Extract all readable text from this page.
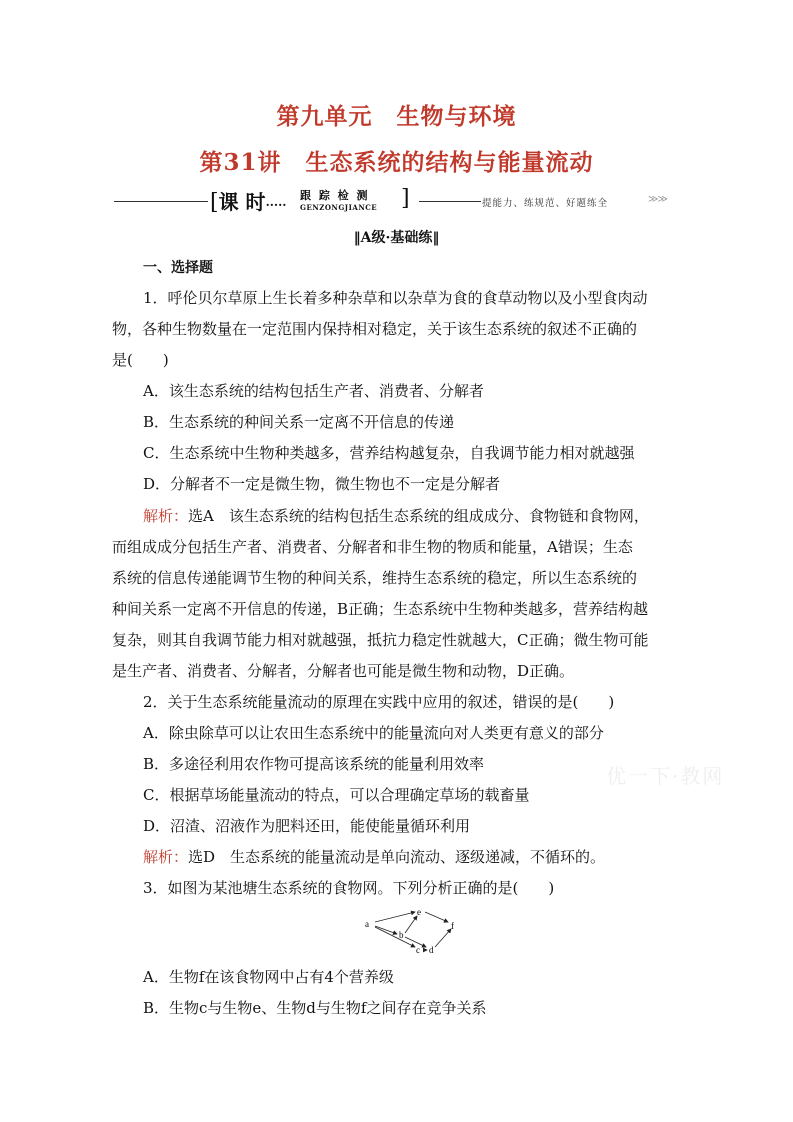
第九单元　生物与环境
第31讲　生态系统的结构与能量流动
[课 时·····
跟 踪 检 测
GENZONGJIANCE ]	提能力、练规范、好题练全	≫≫
‖A级·基础练‖
一、选择题
1．呼伦贝尔草原上生长着多种杂草和以杂草为食的食草动物以及小型食肉动
物，各种生物数量在一定范围内保持相对稳定，关于该生态系统的叙述不正确的
是(　　)
A．该生态系统的结构包括生产者、消费者、分解者
B．生态系统的种间关系一定离不开信息的传递
C．生态系统中生物种类越多，营养结构越复杂，自我调节能力相对就越强
D．分解者不一定是微生物，微生物也不一定是分解者
解析：选A　该生态系统的结构包括生态系统的组成成分、食物链和食物网，
而组成成分包括生产者、消费者、分解者和非生物的物质和能量，A错误；生态
系统的信息传递能调节生物的种间关系，维持生态系统的稳定，所以生态系统的
种间关系一定离不开信息的传递，B正确；生态系统中生物种类越多，营养结构越
复杂，则其自我调节能力相对就越强，抵抗力稳定性就越大，C正确；微生物可能
是生产者、消费者、分解者，分解者也可能是微生物和动物，D正确。
2．关于生态系统能量流动的原理在实践中应用的叙述，错误的是(　　)
A．除虫除草可以让农田生态系统中的能量流向对人类更有意义的部分
B．多途径利用农作物可提高该系统的能量利用效率
C．根据草场能量流动的特点，可以合理确定草场的载畜量
D．沼渣、沼液作为肥料还田，能使能量循环利用
解析：选D　生态系统的能量流动是单向流动、逐级递减，不循环的。
3．如图为某池塘生态系统的食物网。下列分析正确的是(　　)
a
b
c d
e
f
A．生物f在该食物网中占有4个营养级
B．生物c与生物e、生物d与生物f之间存在竞争关系
优一下·教网
